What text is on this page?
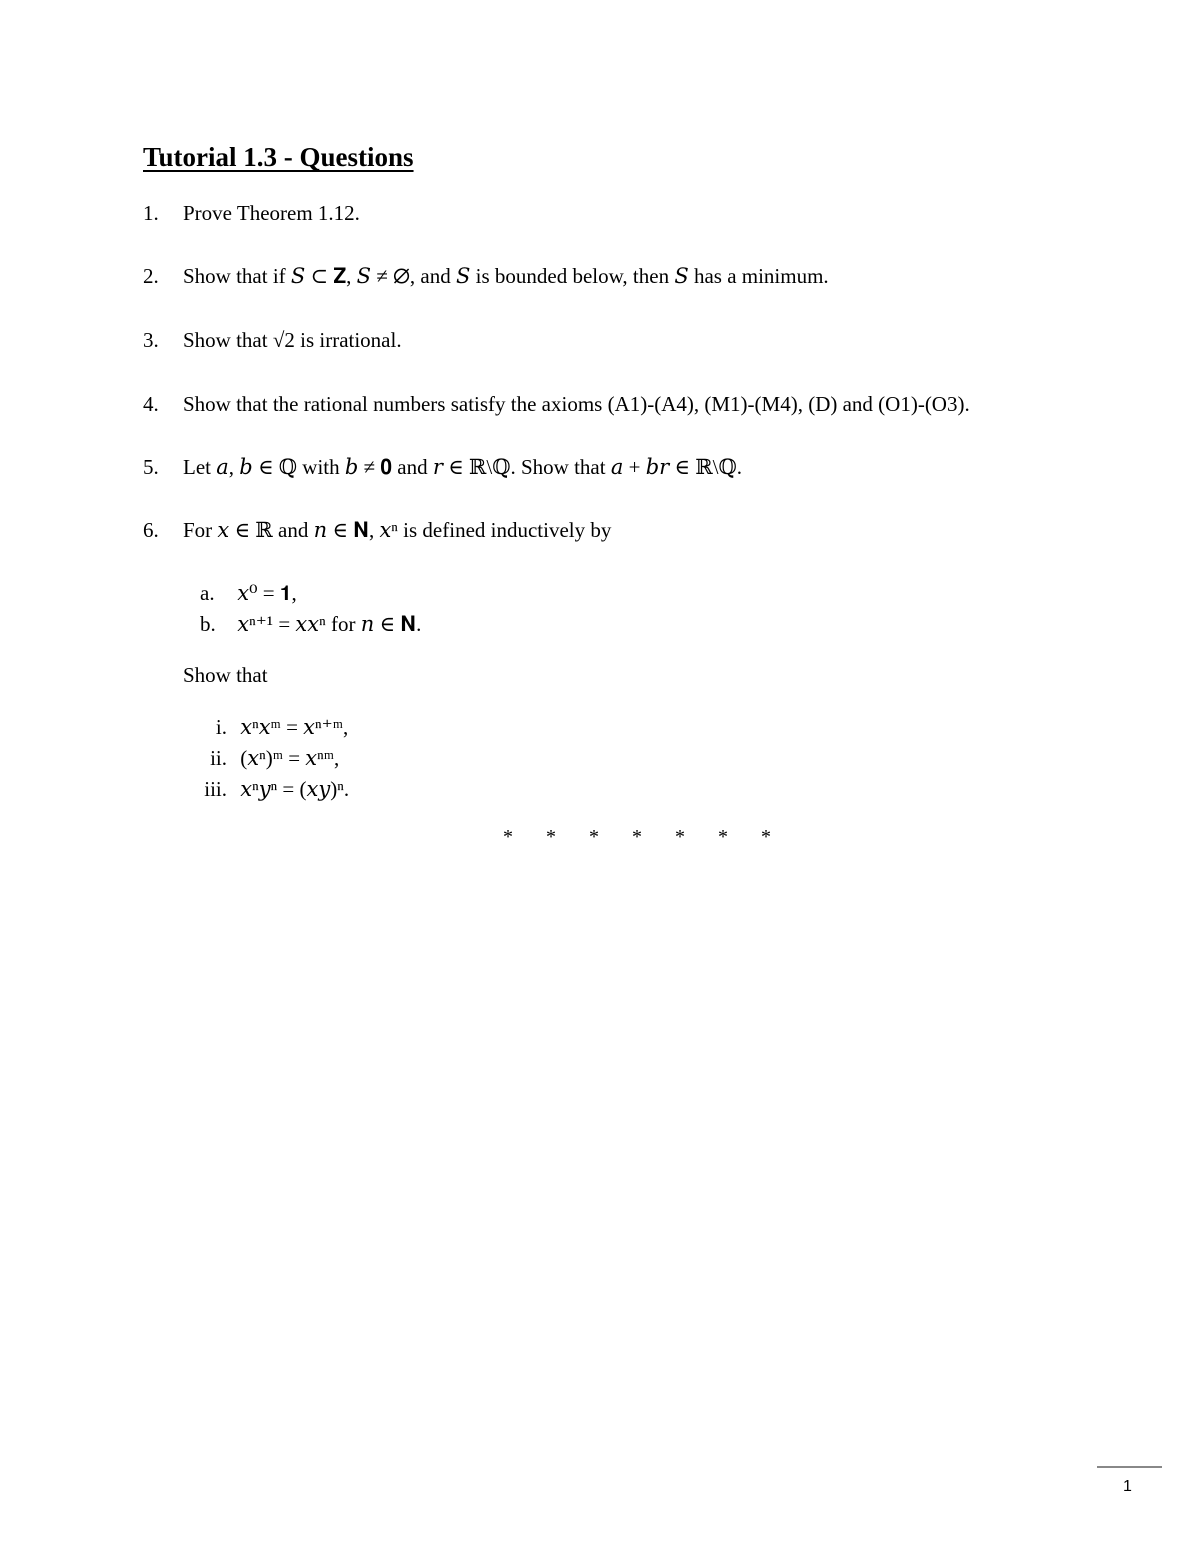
Tutorial 1.3 - Questions
1. Prove Theorem 1.12.
2. Show that if 𝑆 ⊂ 𝐙, 𝑆 ≠ ∅, and 𝑆 is bounded below, then 𝑆 has a minimum.
3. Show that √2 is irrational.
4. Show that the rational numbers satisfy the axioms (A1)-(A4), (M1)-(M4), (D) and (O1)-(O3).
5. Let 𝑎, 𝑏 ∈ ℚ with 𝑏 ≠ 𝟎 and 𝑟 ∈ ℝ\ℚ. Show that 𝑎 + 𝑏𝑟 ∈ ℝ\ℚ.
6. For 𝑥 ∈ ℝ and 𝑛 ∈ 𝐍, 𝑥ⁿ is defined inductively by
a. 𝑥⁰ = 𝟏,
b. 𝑥ⁿ⁺¹ = 𝑥𝑥ⁿ for 𝑛 ∈ 𝐍.
Show that
i. 𝑥ⁿ𝑥ᵐ = 𝑥ⁿ⁺ᵐ,
ii. (𝑥ⁿ)ᵐ = 𝑥ⁿᵐ,
iii. 𝑥ⁿ𝑦ⁿ = (𝑥𝑦)ⁿ.
* * * * * * *
1
